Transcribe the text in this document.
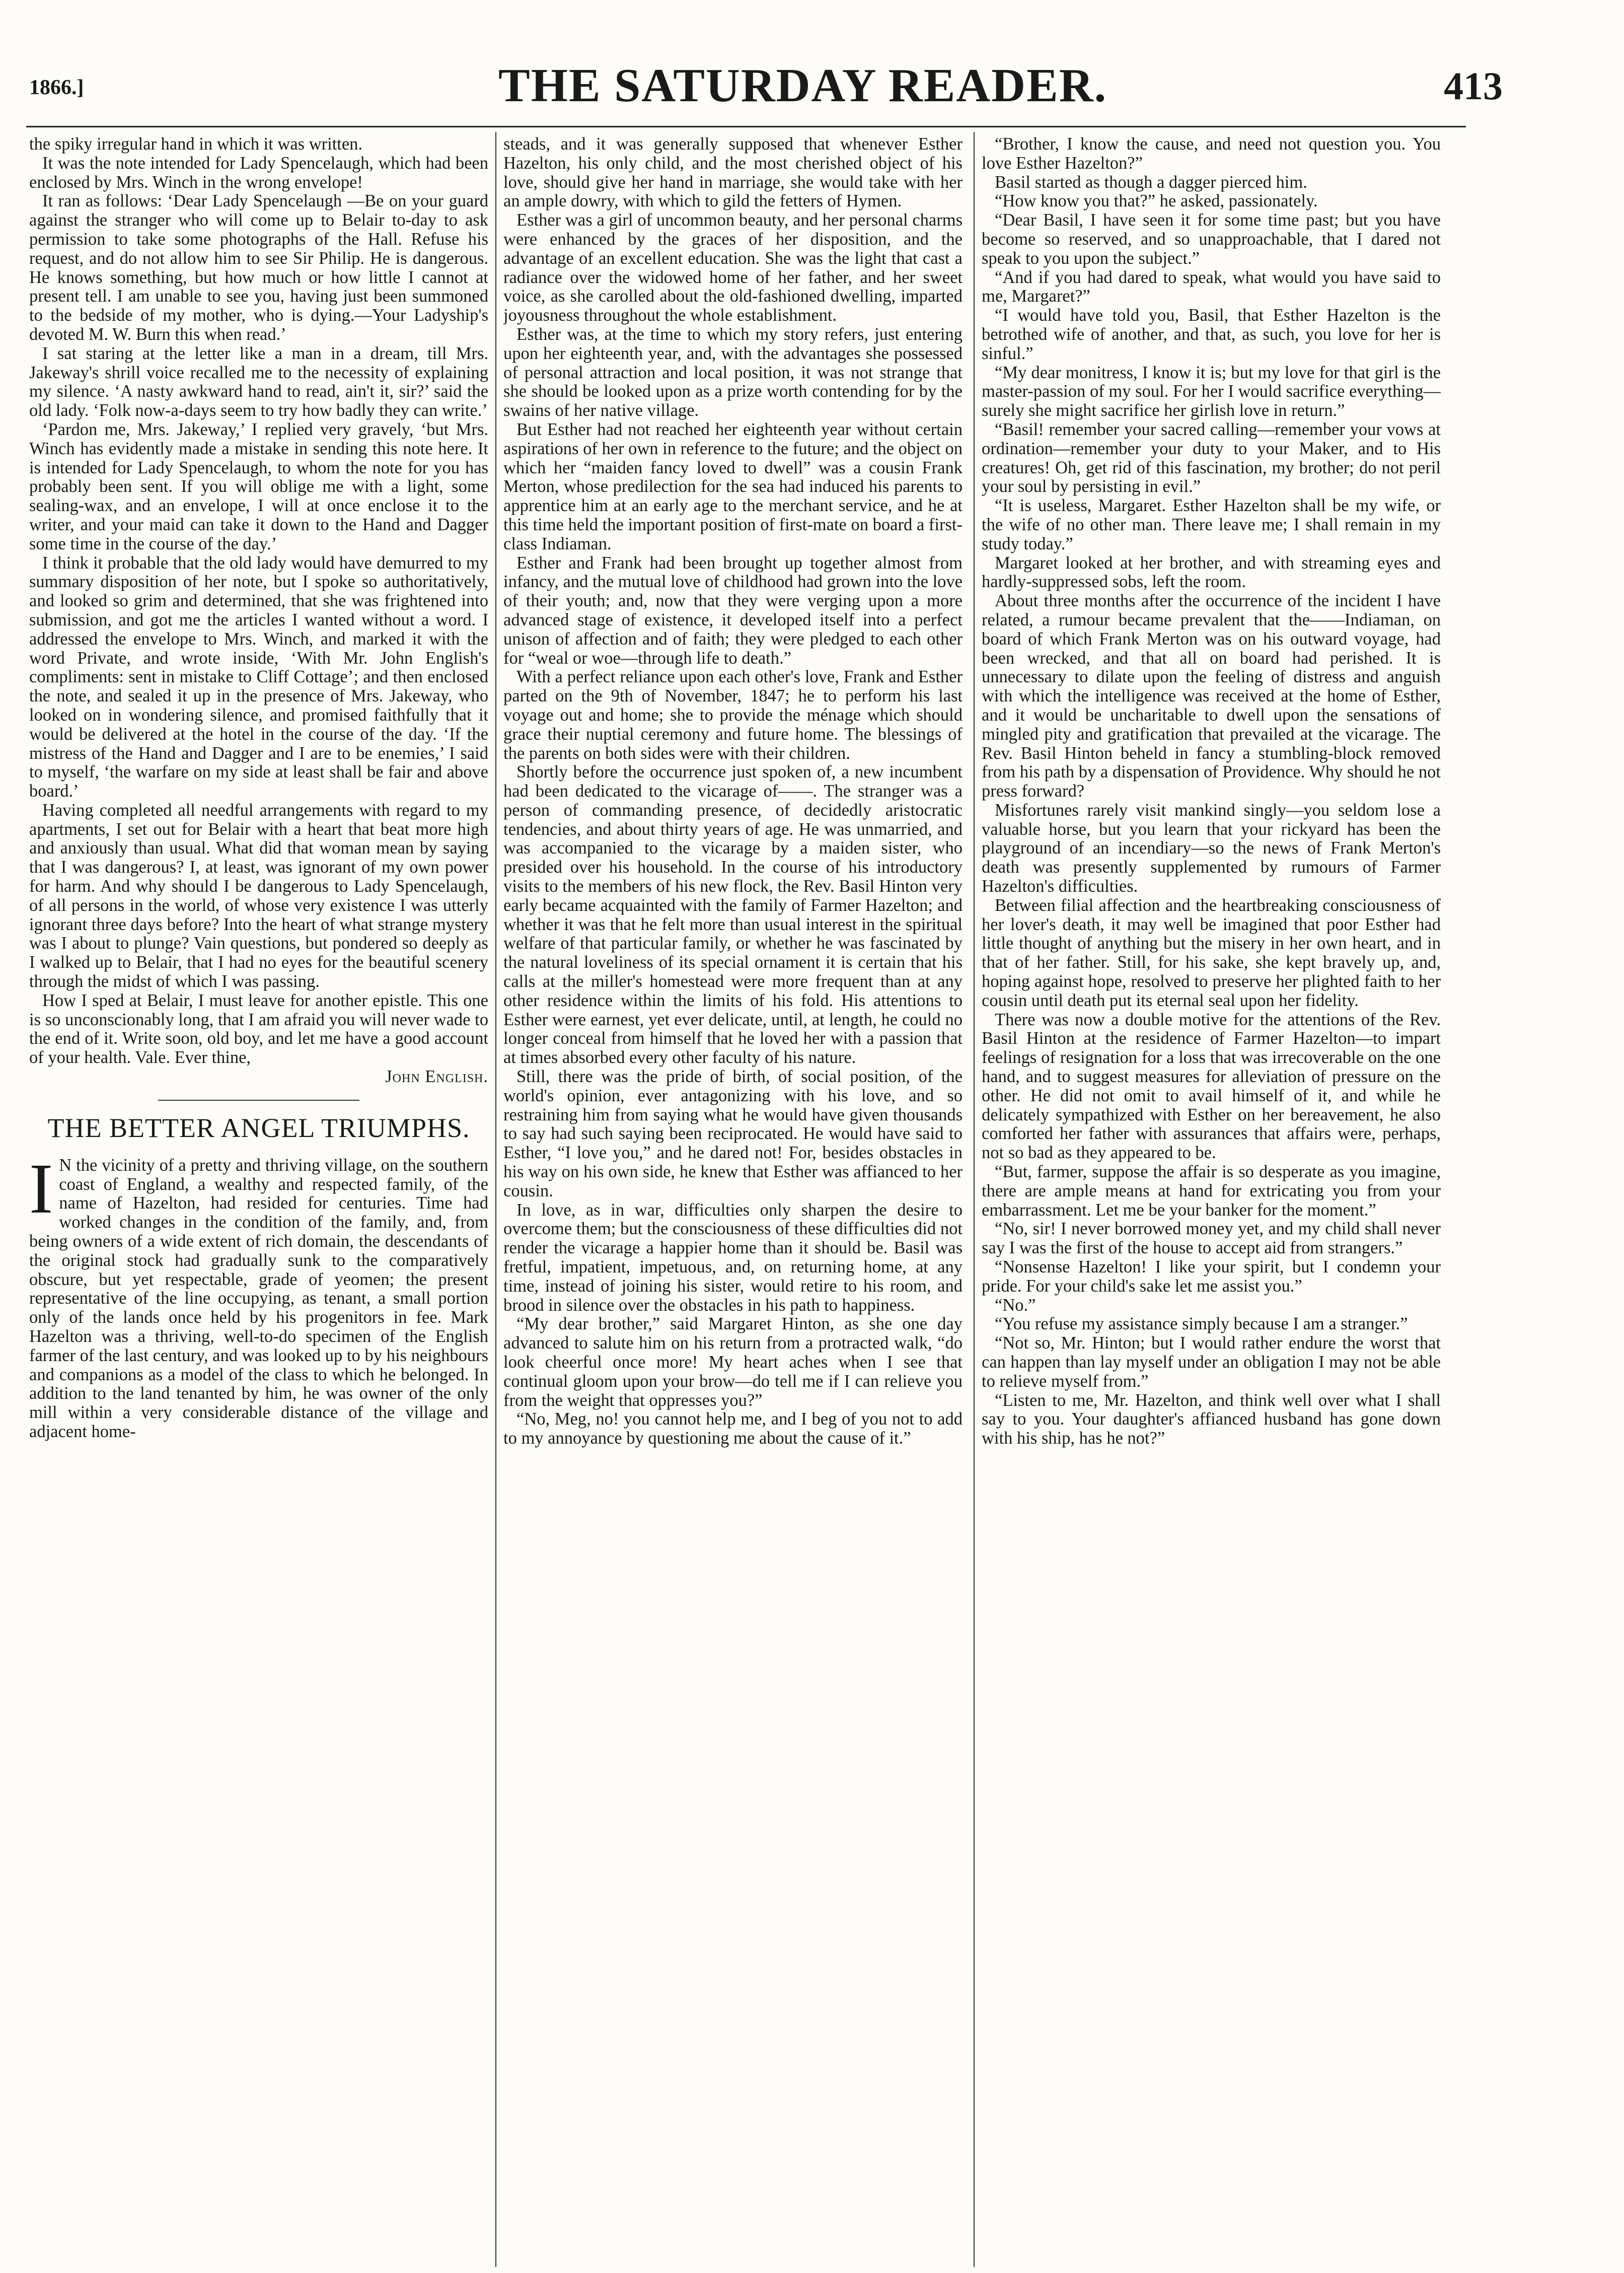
1866.]	THE SATURDAY READER.	413

the spiky irregular hand in which it was written.

It was the note intended for Lady Spencelaugh, which had been enclosed by Mrs. Winch in the wrong envelope!

It ran as follows: ‘Dear Lady Spencelaugh —Be on your guard against the stranger who will come up to Belair to-day to ask permission to take some photographs of the Hall. Refuse his request, and do not allow him to see Sir Philip. He is dangerous. He knows something, but how much or how little I cannot at present tell. I am unable to see you, having just been summoned to the bedside of my mother, who is dying.—Your Ladyship's devoted M. W. Burn this when read.’

I sat staring at the letter like a man in a dream, till Mrs. Jakeway's shrill voice recalled me to the necessity of explaining my silence. ‘A nasty awkward hand to read, ain't it, sir?’ said the old lady. ‘Folk now-a-days seem to try how badly they can write.’

‘Pardon me, Mrs. Jakeway,’ I replied very gravely, ‘but Mrs. Winch has evidently made a mistake in sending this note here. It is intended for Lady Spencelaugh, to whom the note for you has probably been sent. If you will oblige me with a light, some sealing-wax, and an envelope, I will at once enclose it to the writer, and your maid can take it down to the Hand and Dagger some time in the course of the day.’

I think it probable that the old lady would have demurred to my summary disposition of her note, but I spoke so authoritatively, and looked so grim and determined, that she was frightened into submission, and got me the articles I wanted without a word. I addressed the envelope to Mrs. Winch, and marked it with the word Private, and wrote inside, ‘With Mr. John English's compliments: sent in mistake to Cliff Cottage’; and then enclosed the note, and sealed it up in the presence of Mrs. Jakeway, who looked on in wondering silence, and promised faithfully that it would be delivered at the hotel in the course of the day. ‘If the mistress of the Hand and Dagger and I are to be enemies,’ I said to myself, ‘the warfare on my side at least shall be fair and above board.’

Having completed all needful arrangements with regard to my apartments, I set out for Belair with a heart that beat more high and anxiously than usual. What did that woman mean by saying that I was dangerous? I, at least, was ignorant of my own power for harm. And why should I be dangerous to Lady Spencelaugh, of all persons in the world, of whose very existence I was utterly ignorant three days before? Into the heart of what strange mystery was I about to plunge? Vain questions, but pondered so deeply as I walked up to Belair, that I had no eyes for the beautiful scenery through the midst of which I was passing.

How I sped at Belair, I must leave for another epistle. This one is so unconscionably long, that I am afraid you will never wade to the end of it. Write soon, old boy, and let me have a good account of your health. Vale. Ever thine,

John English.

THE BETTER ANGEL TRIUMPHS.

I N the vicinity of a pretty and thriving village, on the southern coast of England, a wealthy and respected family, of the name of Hazelton, had resided for centuries. Time had worked changes in the condition of the family, and, from being owners of a wide extent of rich domain, the descendants of the original stock had gradually sunk to the comparatively obscure, but yet respectable, grade of yeomen; the present representative of the line occupying, as tenant, a small portion only of the lands once held by his progenitors in fee. Mark Hazelton was a thriving, well-to-do specimen of the English farmer of the last century, and was looked up to by his neighbours and companions as a model of the class to which he belonged. In addition to the land tenanted by him, he was owner of the only mill within a very considerable distance of the village and adjacent home-

steads, and it was generally supposed that whenever Esther Hazelton, his only child, and the most cherished object of his love, should give her hand in marriage, she would take with her an ample dowry, with which to gild the fetters of Hymen.

Esther was a girl of uncommon beauty, and her personal charms were enhanced by the graces of her disposition, and the advantage of an excellent education. She was the light that cast a radiance over the widowed home of her father, and her sweet voice, as she carolled about the old-fashioned dwelling, imparted joyousness throughout the whole establishment.

Esther was, at the time to which my story refers, just entering upon her eighteenth year, and, with the advantages she possessed of personal attraction and local position, it was not strange that she should be looked upon as a prize worth contending for by the swains of her native village.

But Esther had not reached her eighteenth year without certain aspirations of her own in reference to the future; and the object on which her “maiden fancy loved to dwell” was a cousin Frank Merton, whose predilection for the sea had induced his parents to apprentice him at an early age to the merchant service, and he at this time held the important position of first-mate on board a first-class Indiaman.

Esther and Frank had been brought up together almost from infancy, and the mutual love of childhood had grown into the love of their youth; and, now that they were verging upon a more advanced stage of existence, it developed itself into a perfect unison of affection and of faith; they were pledged to each other for “weal or woe—through life to death.”

With a perfect reliance upon each other's love, Frank and Esther parted on the 9th of November, 1847; he to perform his last voyage out and home; she to provide the ménage which should grace their nuptial ceremony and future home. The blessings of the parents on both sides were with their children.

Shortly before the occurrence just spoken of, a new incumbent had been dedicated to the vicarage of——. The stranger was a person of commanding presence, of decidedly aristocratic tendencies, and about thirty years of age. He was unmarried, and was accompanied to the vicarage by a maiden sister, who presided over his household. In the course of his introductory visits to the members of his new flock, the Rev. Basil Hinton very early became acquainted with the family of Farmer Hazelton; and whether it was that he felt more than usual interest in the spiritual welfare of that particular family, or whether he was fascinated by the natural loveliness of its special ornament it is certain that his calls at the miller's homestead were more frequent than at any other residence within the limits of his fold. His attentions to Esther were earnest, yet ever delicate, until, at length, he could no longer conceal from himself that he loved her with a passion that at times absorbed every other faculty of his nature.

Still, there was the pride of birth, of social position, of the world's opinion, ever antagonizing with his love, and so restraining him from saying what he would have given thousands to say had such saying been reciprocated. He would have said to Esther, “I love you,” and he dared not! For, besides obstacles in his way on his own side, he knew that Esther was affianced to her cousin.

In love, as in war, difficulties only sharpen the desire to overcome them; but the consciousness of these difficulties did not render the vicarage a happier home than it should be. Basil was fretful, impatient, impetuous, and, on returning home, at any time, instead of joining his sister, would retire to his room, and brood in silence over the obstacles in his path to happiness.

“My dear brother,” said Margaret Hinton, as she one day advanced to salute him on his return from a protracted walk, “do look cheerful once more! My heart aches when I see that continual gloom upon your brow—do tell me if I can relieve you from the weight that oppresses you?”

“No, Meg, no! you cannot help me, and I beg of you not to add to my annoyance by questioning me about the cause of it.”

“Brother, I know the cause, and need not question you. You love Esther Hazelton?”

Basil started as though a dagger pierced him.

“How know you that?” he asked, passionately.

“Dear Basil, I have seen it for some time past; but you have become so reserved, and so unapproachable, that I dared not speak to you upon the subject.”

“And if you had dared to speak, what would you have said to me, Margaret?”

“I would have told you, Basil, that Esther Hazelton is the betrothed wife of another, and that, as such, you love for her is sinful.”

“My dear monitress, I know it is; but my love for that girl is the master-passion of my soul. For her I would sacrifice everything—surely she might sacrifice her girlish love in return.”

“Basil! remember your sacred calling—remember your vows at ordination—remember your duty to your Maker, and to His creatures! Oh, get rid of this fascination, my brother; do not peril your soul by persisting in evil.”

“It is useless, Margaret. Esther Hazelton shall be my wife, or the wife of no other man. There leave me; I shall remain in my study today.”

Margaret looked at her brother, and with streaming eyes and hardly-suppressed sobs, left the room.

About three months after the occurrence of the incident I have related, a rumour became prevalent that the——Indiaman, on board of which Frank Merton was on his outward voyage, had been wrecked, and that all on board had perished. It is unnecessary to dilate upon the feeling of distress and anguish with which the intelligence was received at the home of Esther, and it would be uncharitable to dwell upon the sensations of mingled pity and gratification that prevailed at the vicarage. The Rev. Basil Hinton beheld in fancy a stumbling-block removed from his path by a dispensation of Providence. Why should he not press forward?

Misfortunes rarely visit mankind singly—you seldom lose a valuable horse, but you learn that your rickyard has been the playground of an incendiary—so the news of Frank Merton's death was presently supplemented by rumours of Farmer Hazelton's difficulties.

Between filial affection and the heartbreaking consciousness of her lover's death, it may well be imagined that poor Esther had little thought of anything but the misery in her own heart, and in that of her father. Still, for his sake, she kept bravely up, and, hoping against hope, resolved to preserve her plighted faith to her cousin until death put its eternal seal upon her fidelity.

There was now a double motive for the attentions of the Rev. Basil Hinton at the residence of Farmer Hazelton—to impart feelings of resignation for a loss that was irrecoverable on the one hand, and to suggest measures for alleviation of pressure on the other. He did not omit to avail himself of it, and while he delicately sympathized with Esther on her bereavement, he also comforted her father with assurances that affairs were, perhaps, not so bad as they appeared to be.

“But, farmer, suppose the affair is so desperate as you imagine, there are ample means at hand for extricating you from your embarrassment. Let me be your banker for the moment.”

“No, sir! I never borrowed money yet, and my child shall never say I was the first of the house to accept aid from strangers.”

“Nonsense Hazelton! I like your spirit, but I condemn your pride. For your child's sake let me assist you.”

“No.”

“You refuse my assistance simply because I am a stranger.”

“Not so, Mr. Hinton; but I would rather endure the worst that can happen than lay myself under an obligation I may not be able to relieve myself from.”

“Listen to me, Mr. Hazelton, and think well over what I shall say to you. Your daughter's affianced husband has gone down with his ship, has he not?”
